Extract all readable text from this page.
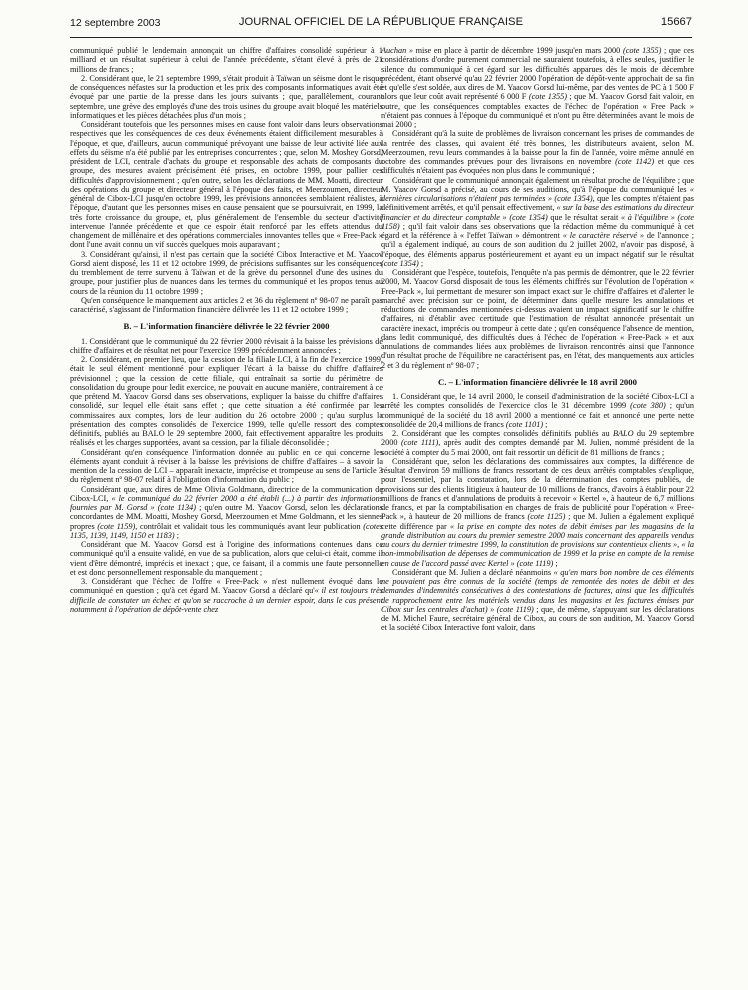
12 septembre 2003	JOURNAL OFFICIEL DE LA RÉPUBLIQUE FRANÇAISE	15667

communiqué publié le lendemain annonçait un chiffre d'affaires consolidé supérieur à 1 milliard et un résultat supérieur à celui de l'année précédente, s'étant élevé à près de 21 millions de francs ;

2. Considérant que, le 21 septembre 1999, s'était produit à Taïwan un séisme dont le risque de conséquences néfastes sur la production et les prix des composants informatiques avait été évoqué par une partie de la presse dans les jours suivants ; que, parallèlement, courant septembre, une grève des employés d'une des trois usines du groupe avait bloqué les matériels informatiques et les pièces détachées plus d'un mois ;

Considérant toutefois que les personnes mises en cause font valoir dans leurs observations respectives que les conséquences de ces deux événements étaient difficilement mesurables à l'époque, et que, d'ailleurs, aucun communiqué prévoyant une baisse de leur activité liée aux effets du séisme n'a été publié par les entreprises concurrentes ; que, selon M. Moshey Gorsd, président de LCI, centrale d'achats du groupe et responsable des achats de composants du groupe, des mesures avaient précisément été prises, en octobre 1999, pour pallier ces difficultés d'approvisionnement ; qu'en outre, selon les déclarations de MM. Moatti, directeur des opérations du groupe et directeur général à l'époque des faits, et Meerzoumen, directeur général de Cibox-LCI jusqu'en octobre 1999, les prévisions annoncées semblaient réalistes, à l'époque, d'autant que les personnes mises en cause pensaient que se poursuivrait, en 1999, la très forte croissance du groupe, et, plus généralement de l'ensemble du secteur d'activité intervenue l'année précédente et que ce espoir était renforcé par les effets attendus du changement de millénaire et des opérations commerciales innovantes telles que « Free-Pack » dont l'une avait connu un vif succès quelques mois auparavant ;

3. Considérant qu'ainsi, il n'est pas certain que la société Cibox Interactive et M. Yaacov Gorsd aient disposé, les 11 et 12 octobre 1999, de précisions suffisantes sur les conséquences du tremblement de terre survenu à Taïwan et de la grève du personnel d'une des usines du groupe, pour justifier plus de nuances dans les termes du communiqué et les propos tenus au cours de la réunion du 11 octobre 1999 ;

Qu'en conséquence le manquement aux articles 2 et 36 du règlement nº 98-07 ne paraît pas caractérisé, s'agissant de l'information financière délivrée les 11 et 12 octobre 1999 ;

B. – L'information financière délivrée le 22 février 2000

1. Considérant que le communiqué du 22 février 2000 révisait à la baisse les prévisions de chiffre d'affaires et de résultat net pour l'exercice 1999 précédemment annoncées ;

2. Considérant, en premier lieu, que la cession de la filiale LCI, à la fin de l'exercice 1999, était le seul élément mentionné pour expliquer l'écart à la baisse du chiffre d'affaires prévisionnel ; que la cession de cette filiale, qui entraînait sa sortie du périmètre de consolidation du groupe pour ledit exercice, ne pouvait en aucune manière, contrairement à ce que prétend M. Yaacov Gorsd dans ses observations, expliquer la baisse du chiffre d'affaires consolidé, sur lequel elle était sans effet ; que cette situation a été confirmée par les commissaires aux comptes, lors de leur audition du 26 octobre 2000 ; qu'au surplus la présentation des comptes consolidés de l'exercice 1999, telle qu'elle ressort des comptes définitifs, publiés au BALO le 29 septembre 2000, fait effectivement apparaître les produits réalisés et les charges supportées, avant sa cession, par la filiale déconsolidée ;

Considérant qu'en conséquence l'information donnée au public en ce qui concerne les éléments ayant conduit à réviser à la baisse les prévisions de chiffre d'affaires – à savoir la mention de la cession de LCI – apparaît inexacte, imprécise et trompeuse au sens de l'article 3 du règlement nº 98-07 relatif à l'obligation d'information du public ;

Considérant que, aux dires de Mme Olivia Goldmann, directrice de la communication de Cibox-LCI, « le communiqué du 22 février 2000 a été établi (...) à partir des informations fournies par M. Gorsd » (cote 1134) ; qu'en outre M. Yaacov Gorsd, selon les déclarations concordantes de MM. Moatti, Moshey Gorsd, Meerzoumen et Mme Goldmann, et les siennes propres (cote 1159), contrôlait et validait tous les communiqués avant leur publication (cotes 1135, 1139, 1149, 1150 et 1183) ;

Considérant que M. Yaacov Gorsd est à l'origine des informations contenues dans ce communiqué qu'il a ensuite validé, en vue de sa publication, alors que celui-ci était, comme il vient d'être démontré, imprécis et inexact ; que, ce faisant, il a commis une faute personnelle et est donc personnellement responsable du manquement ;

3. Considérant que l'échec de l'offre « Free-Pack » n'est nullement évoqué dans le communiqué en question ; qu'à cet égard M. Yaacov Gorsd a déclaré qu'« il est toujours très difficile de constater un échec et qu'on se raccroche à un dernier espoir, dans le cas présent notamment à l'opération de dépôt-vente chez

Auchan » mise en place à partir de décembre 1999 jusqu'en mars 2000 (cote 1355) ; que ces considérations d'ordre purement commercial ne sauraient toutefois, à elles seules, justifier le silence du communiqué à cet égard sur les difficultés apparues dès le mois de décembre précédent, étant observé qu'au 22 février 2000 l'opération de dépôt-vente approchait de sa fin et qu'elle s'est soldée, aux dires de M. Yaacov Gorsd lui-même, par des ventes de PC à 1 500 F alors que leur coût avait représenté 6 000 F (cote 1355) ; que M. Yaacov Gorsd fait valoir, en outre, que les conséquences comptables exactes de l'échec de l'opération « Free Pack » n'étaient pas connues à l'époque du communiqué et n'ont pu être déterminées avant le mois de mai 2000 ;

Considérant qu'à la suite de problèmes de livraison concernant les prises de commandes de la rentrée des classes, qui avaient été très bonnes, les distributeurs avaient, selon M. Meerzoumen, revu leurs commandes à la baisse pour la fin de l'année, voire même annulé en octobre des commandes prévues pour des livraisons en novembre (cote 1142) et que ces difficultés n'étaient pas évoquées non plus dans le communiqué ;

Considérant que le communiqué annonçait également un résultat proche de l'équilibre ; que M. Yaacov Gorsd a précisé, au cours de ses auditions, qu'à l'époque du communiqué les « dernières circularisations n'étaient pas terminées » (cote 1354), que les comptes n'étaient pas définitivement arrêtés, et qu'il pensait effectivement, « sur la base des estimations du directeur financier et du directeur comptable » (cote 1354) que le résultat serait « à l'équilibre » (cote 1158) ; qu'il fait valoir dans ses observations que la rédaction même du communiqué à cet égard et la référence à « l'effet Taïwan » démontrent « le caractère réservé » de l'annonce ; qu'il a également indiqué, au cours de son audition du 2 juillet 2002, n'avoir pas disposé, à l'époque, des éléments apparus postérieurement et ayant eu un impact négatif sur le résultat (cote 1354) ;

Considérant que l'espèce, toutefois, l'enquête n'a pas permis de démontrer, que le 22 février 2000, M. Yaacov Gorsd disposait de tous les éléments chiffrés sur l'évolution de l'opération « Free-Pack », lui permettant de mesurer son impact exact sur le chiffre d'affaires et d'alerter le marché avec précision sur ce point, de déterminer dans quelle mesure les annulations et réductions de commandes mentionnées ci-dessus avaient un impact significatif sur le chiffre d'affaires, ni d'établir avec certitude que l'estimation de résultat annoncée présentait un caractère inexact, imprécis ou trompeur à cette date ; qu'en conséquence l'absence de mention, dans ledit communiqué, des difficultés dues à l'échec de l'opération « Free-Pack » et aux annulations de commandes liées aux problèmes de livraison rencontrés ainsi que l'annonce d'un résultat proche de l'équilibre ne caractérisent pas, en l'état, des manquements aux articles 2 et 3 du règlement nº 98-07 ;

C. – L'information financière délivrée le 18 avril 2000

1. Considérant que, le 14 avril 2000, le conseil d'administration de la société Cibox-LCI a arrêté les comptes consolidés de l'exercice clos le 31 décembre 1999 (cote 380) ; qu'un communiqué de la société du 18 avril 2000 a mentionné ce fait et annoncé une perte nette consolidée de 20,4 millions de francs (cote 1101) ;

2. Considérant que les comptes consolidés définitifs publiés au BALO du 29 septembre 2000 (cote 1111), après audit des comptes demandé par M. Julien, nommé président de la société à compter du 5 mai 2000, ont fait ressortir un déficit de 81 millions de francs ;

Considérant que, selon les déclarations des commissaires aux comptes, la différence de résultat d'environ 59 millions de francs ressortant de ces deux arrêtés comptables s'explique, pour l'essentiel, par la constatation, lors de la détermination des comptes publiés, de provisions sur des clients litigieux à hauteur de 10 millions de francs, d'avoirs à établir pour 22 millions de francs et d'annulations de produits à recevoir « Kertel », à hauteur de 6,7 millions de francs, et par la comptabilisation en charges de frais de publicité pour l'opération « Free-Pack », à hauteur de 20 millions de francs (cote 1125) ; que M. Julien a également expliqué cette différence par « la prise en compte des notes de débit émises par les magasins de la grande distribution au cours du premier semestre 2000 mais concernant des appareils vendus au cours du dernier trimestre 1999, la constitution de provisions sur contentieux clients », « la non-immobilisation de dépenses de communication de 1999 et la prise en compte de la remise en cause de l'accord passé avec Kertel » (cote 1119) ;

Considérant que M. Julien a déclaré néanmoins « qu'en mars bon nombre de ces éléments ne pouvaient pas être connus de la société (temps de remontée des notes de débit et des demandes d'indemnités consécutives à des contestations de factures, ainsi que les difficultés de rapprochement entre les matériels vendus dans les magasins et les factures émises par Cibox sur les centrales d'achat) » (cote 1119) ; que, de même, s'appuyant sur les déclarations de M. Michel Faure, secrétaire général de Cibox, au cours de son audition, M. Yaacov Gorsd et la société Cibox Interactive font valoir, dans
